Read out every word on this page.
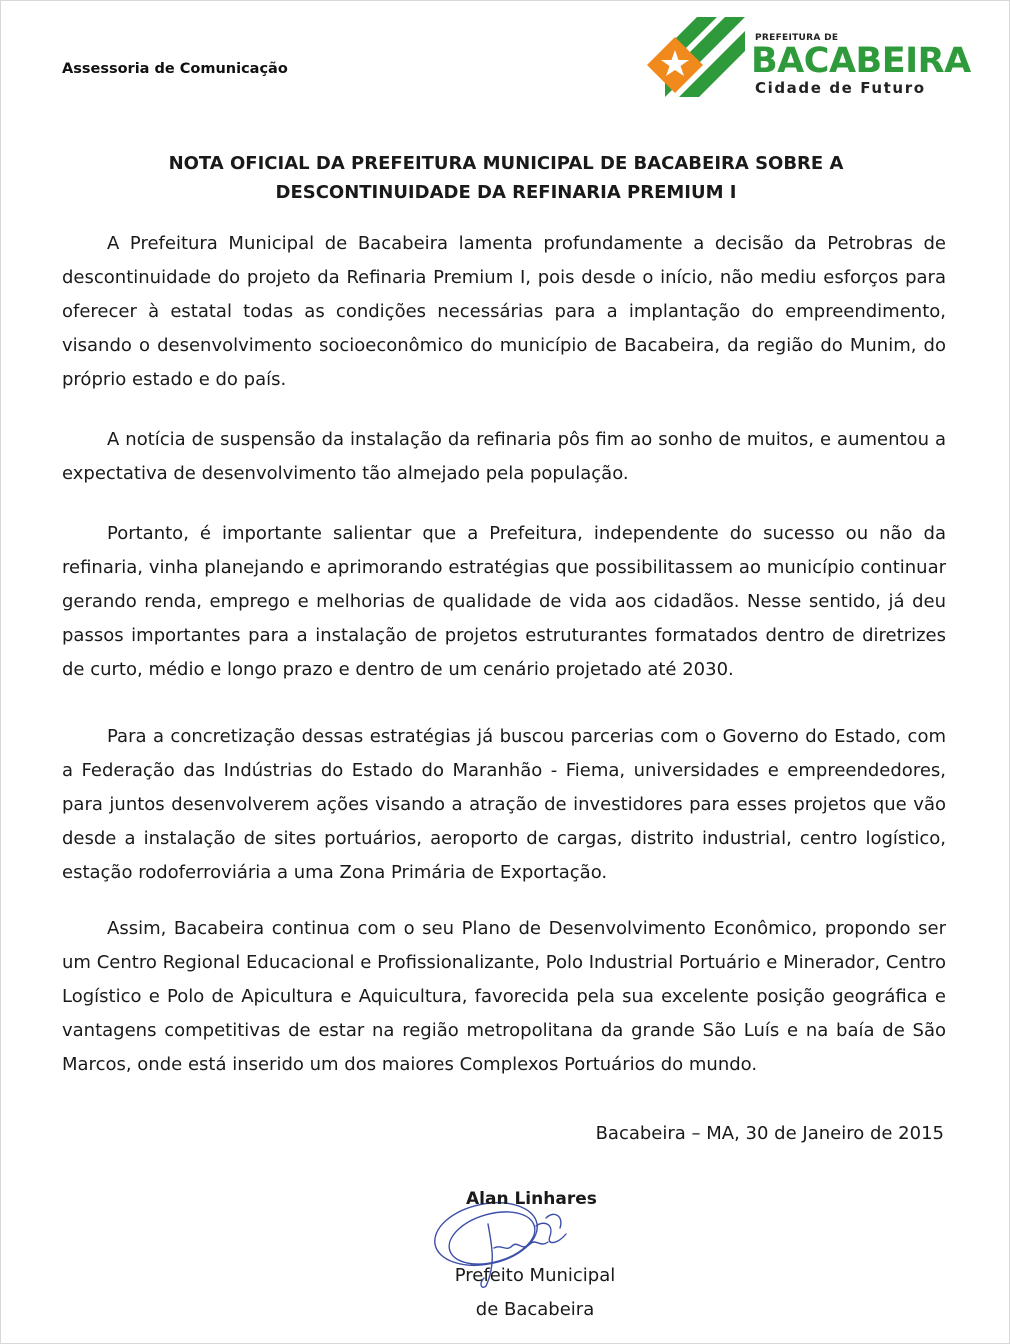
Assessoria de Comunicação
PREFEITURA DE
BACABEIRA
Cidade de Futuro
NOTA OFICIAL DA PREFEITURA MUNICIPAL DE BACABEIRA SOBRE A
DESCONTINUIDADE DA REFINARIA PREMIUM I

A Prefeitura Municipal de Bacabeira lamenta profundamente a decisão da Petrobras de descontinuidade do projeto da Refinaria Premium I, pois desde o início, não mediu esforços para oferecer à estatal todas as condições necessárias para a implantação do empreendimento, visando o desenvolvimento socioeconômico do município de Bacabeira, da região do Munim, do próprio estado e do país.

A notícia de suspensão da instalação da refinaria pôs fim ao sonho de muitos, e aumentou a expectativa de desenvolvimento tão almejado pela população.

Portanto, é importante salientar que a Prefeitura, independente do sucesso ou não da refinaria, vinha planejando e aprimorando estratégias que possibilitassem ao município continuar gerando renda, emprego e melhorias de qualidade de vida aos cidadãos. Nesse sentido, já deu passos importantes para a instalação de projetos estruturantes formatados dentro de diretrizes de curto, médio e longo prazo e dentro de um cenário projetado até 2030.

Para a concretização dessas estratégias já buscou parcerias com o Governo do Estado, com a Federação das Indústrias do Estado do Maranhão - Fiema, universidades e empreendedores, para juntos desenvolverem ações visando a atração de investidores para esses projetos que vão desde a instalação de sites portuários, aeroporto de cargas, distrito industrial, centro logístico, estação rodoferroviária a uma Zona Primária de Exportação.

Assim, Bacabeira continua com o seu Plano de Desenvolvimento Econômico, propondo ser um Centro Regional Educacional e Profissionalizante, Polo Industrial Portuário e Minerador, Centro Logístico e Polo de Apicultura e Aquicultura, favorecida pela sua excelente posição geográfica e vantagens competitivas de estar na região metropolitana da grande São Luís e na baía de São Marcos, onde está inserido um dos maiores Complexos Portuários do mundo.

Bacabeira – MA, 30 de Janeiro de 2015
Alan Linhares
Prefeito Municipal
de Bacabeira
